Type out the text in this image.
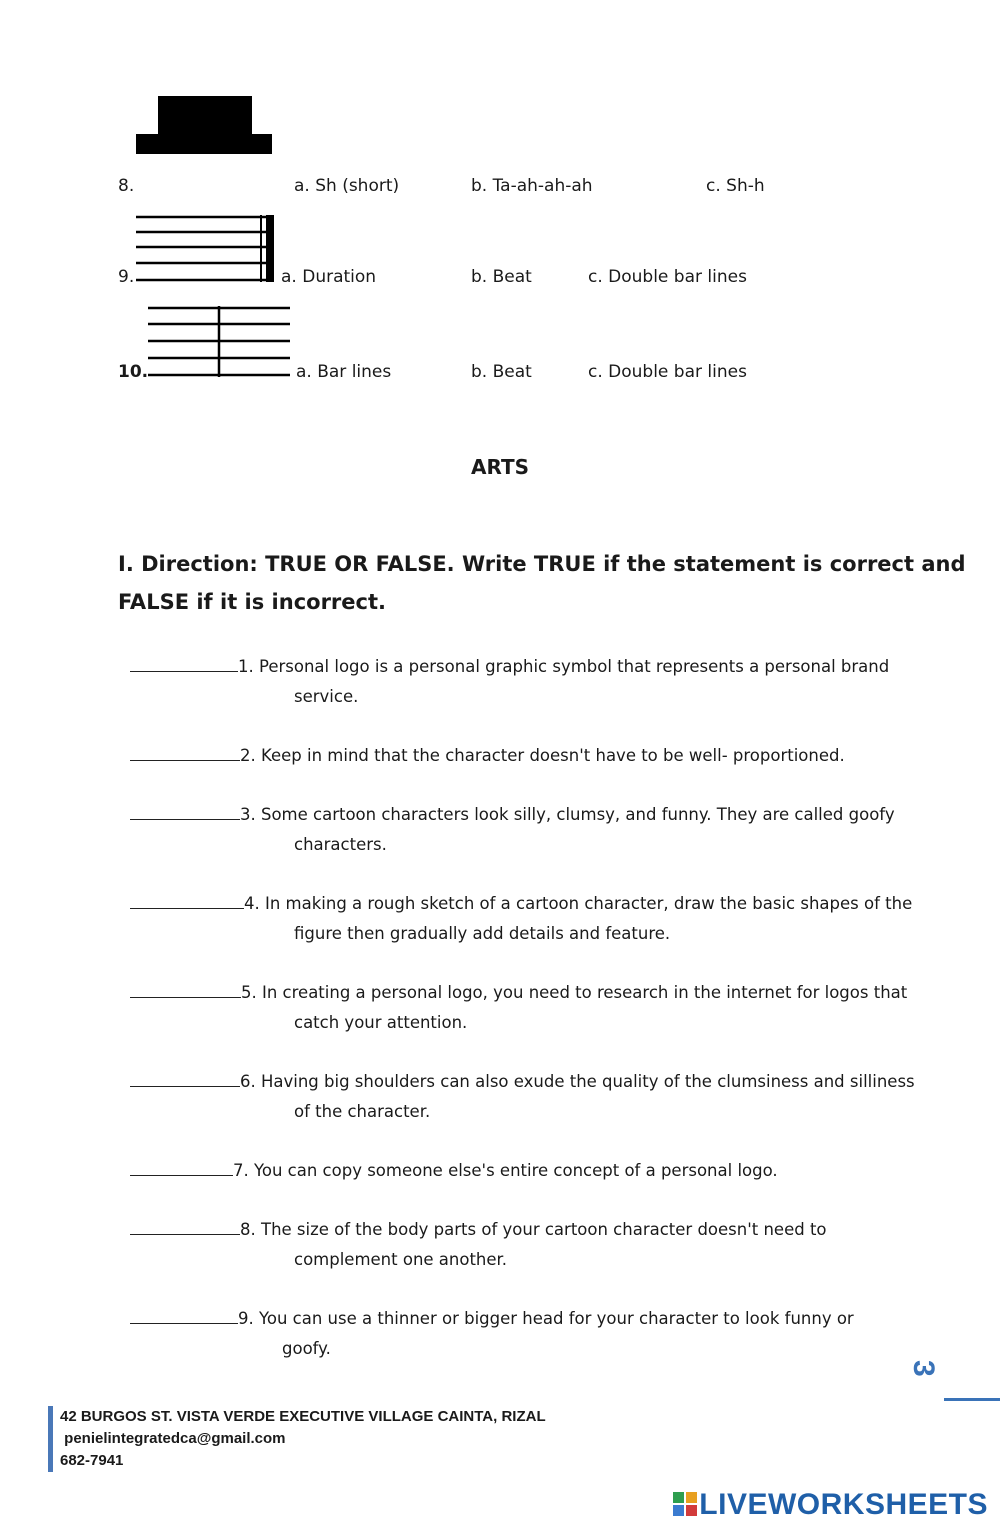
8.	a. Sh (short)	b. Ta-ah-ah-ah	c. Sh-h
9.	a. Duration	b. Beat	c. Double bar lines
10.	a. Bar lines	b. Beat	c. Double bar lines
ARTS
I. Direction: TRUE OR FALSE. Write TRUE if the statement is correct and
FALSE if it is incorrect.
1. Personal logo is a personal graphic symbol that represents a personal brand
service.
2. Keep in mind that the character doesn't have to be well- proportioned.
3. Some cartoon characters look silly, clumsy, and funny. They are called goofy
characters.
4. In making a rough sketch of a cartoon character, draw the basic shapes of the
figure then gradually add details and feature.
5. In creating a personal logo, you need to research in the internet for logos that
catch your attention.
6. Having big shoulders can also exude the quality of the clumsiness and silliness
of the character.
7. You can copy someone else's entire concept of a personal logo.
8. The size of the body parts of your cartoon character doesn't need to
complement one another.
9. You can use a thinner or bigger head for your character to look funny or
goofy.
3
42 BURGOS ST. VISTA VERDE EXECUTIVE VILLAGE CAINTA, RIZAL
penielintegratedca@gmail.com
682-7941
LIVEWORKSHEETS
